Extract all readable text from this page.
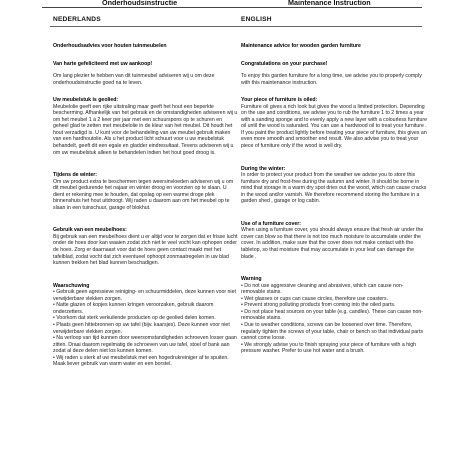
Onderhoudsinstructie	Maintenance Instruction
NEDERLANDS	ENGLISH

Onderhoudsadvies voor houten tuinmeubelen

Van harte gefeliciteerd met uw aankoop!

Om lang plezier te hebben van dit tuinmeubel adviseren wij u om deze onderhoudsinstructie goed na te leven.

Uw meubelstuk is geolied:

Meubelolie geeft een rijke uitstraling maar geeft het hout een beperkte bescherming. Afhankelijk van het gebruik en de omstandigheden adviseren wij u om het meubel 1 à 2 keer per jaar met een schuurspons op te schuren en geheel glad te zetten met meubelolie in de kleur van het meubel. Dit houdt het hout verzadigd is. U kunt voor de behandeling van uw meubel gebruik maken van een hardhoutolie. Als u het product licht schuurt voor u uw meubelstuk behandelt, geeft dit een egale en gladder eindresultaat. Tevens adviseren wij u om uw meubelstuk alleen te behandelen indien het hout goed droog is.

Tijdens de winter:

Om uw product extra te beschermen tegen weersinvloeden adviseren wij u om dit meubel gedurende het najaar en winter droog en voorzien op te slaan. U dient er rekening mee te houden, dat opslag op een warme droge plek binnenshuis het hout uitdroogt. Wij raden u daarom aan om het meubel op te slaan in een tuinschuur, garage of blokhut.

Gebruik van een meubelhoes:

Bij gebruik van een meubelhoes dient u er altijd voor te zorgen dat er frisse lucht onder de hoes door kan waaien zodat zich niet te veel vocht kan ophopen onder de hoes. Zorg er daarnaast voor dat de hoes geen contact maakt met het tafelblad, zodat vocht dat zich eventueel ophoopt zonmaatregelen in uw blad kunnen trekken het blad kunnen beschadigen.

Waarschuwing

• Gebruik geen agressieve reiniging- en schuurmiddelen, deze kunnen voor niet verwijderbare vlekken zorgen.

• Natte glazen of kopjes kunnen kringen veroorzaken, gebruik daarom onderzetters.

• Voorkom dat sterk verkuilende producten op de geolied delen komen.

• Plaats geen hittebronnen op uw tafel (bijv. kaarsjes). Deze kunnen voor niet verwijderbare vlekken zorgen.

• Na verloop van tijd kunnen door weersomstandigheden schroeven losser gaan zitten. Draai daarom regelmatig de schroeven van uw tafel, stoel of bank aan zodat al deze delen niet los kunnen komen.

• Wij raden u sterk af uw meubelstuk met een hogedrukreiniger af te spuiten. Maak liever gebruik van warm water en een borstel.

Maintenance advice for wooden garden furniture

Congratulations on your purchase!

To enjoy this garden furniture for a long time, we advise you to properly comply with this maintenance instruction.

Your piece of furniture is oiled:

Furniture oil gives a rich look but gives the wood a limited protection. Depending on the use and conditions, we advise you to rub the furniture 1 to 2 times a year with a sanding sponge and to evenly apply a new layer with a colourless furniture oil until the wood is saturated. You can use a hardwood oil to treat your furniture . If you paint the product lightly before treating your piece of furniture, this gives an even more smooth and smoother end result. We also advise you to treat your piece of furniture only if the wood is well dry.

During the winter:

In order to protect your product from the weather we advise you to store this furniture dry and frost-free during the autumn and winter. It should be borne in mind that storage in a warm dry spot dries out the wood, which can cause cracks in the wood and/or varnish. We therefore recommend storing the furniture in a garden shed , garage or log cabin.

Use of a furniture cover:

When using a furniture cover, you should always ensure that fresh air under the cover can blow so that there is not too much moisture to accumulate under the cover. In addition, make sure that the cover does not make contact with the tabletop, so that moisture that may accumulate in your leaf can damage the blade .

Warning

• Do not use aggressive cleaning and abrasives, which can cause non-removable stains.

• Wet glasses or cups can cause circles, therefore use coasters.

• Prevent strong polluting products from coming into the oiled parts.

• Do not place heat sources on your table (e.g. candles). These can cause non-removable stains.

• Due to weather conditions, screws can be loosened over time. Therefore, regularly tighten the screws of your table, chair or bench so that individual parts cannot come loose.

• We strongly advise you to finish spraying your piece of furniture with a high pressure washer. Prefer to use hot water and a brush.
